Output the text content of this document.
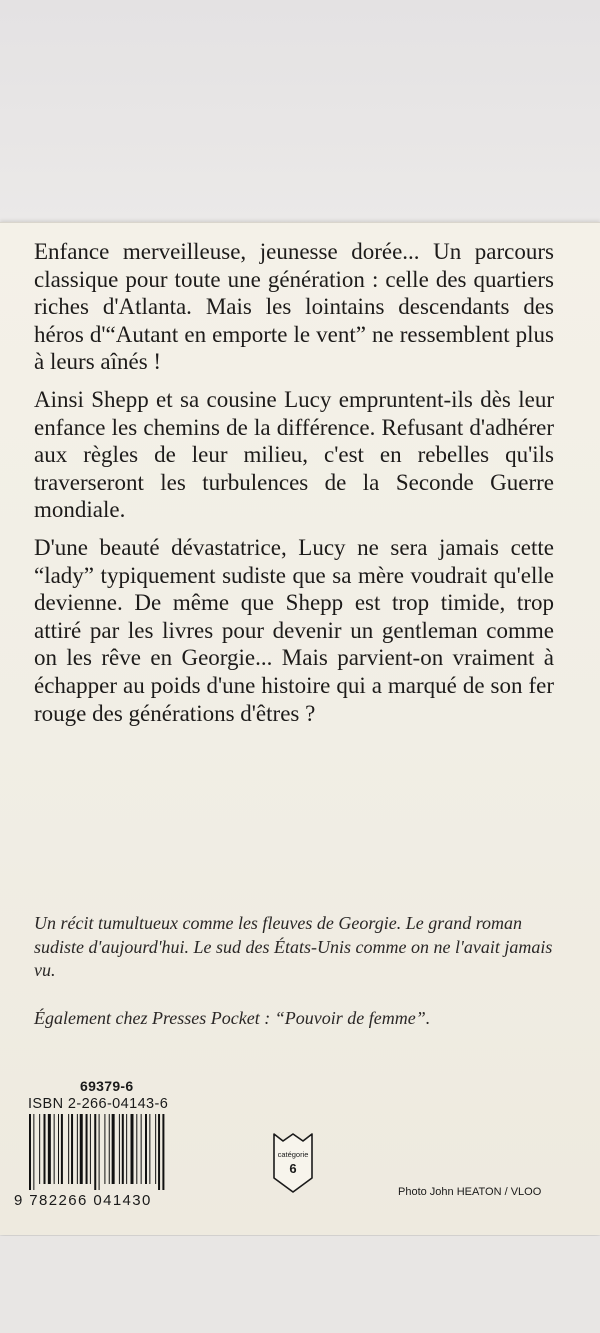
Enfance merveilleuse, jeunesse dorée... Un parcours classique pour toute une génération : celle des quartiers riches d'Atlanta. Mais les lointains descendants des héros d'“Autant en emporte le vent” ne ressemblent plus à leurs aînés !

Ainsi Shepp et sa cousine Lucy empruntent-ils dès leur enfance les chemins de la différence. Refusant d'adhérer aux règles de leur milieu, c'est en rebelles qu'ils traverseront les turbulences de la Seconde Guerre mondiale.

D'une beauté dévastatrice, Lucy ne sera jamais cette “lady” typiquement sudiste que sa mère voudrait qu'elle devienne. De même que Shepp est trop timide, trop attiré par les livres pour devenir un gentleman comme on les rêve en Georgie... Mais parvient-on vraiment à échapper au poids d'une histoire qui a marqué de son fer rouge des générations d'êtres ?

Un récit tumultueux comme les fleuves de Georgie. Le grand roman sudiste d'aujourd'hui. Le sud des États-Unis comme on ne l'avait jamais vu.

Également chez Presses Pocket : “Pouvoir de femme”.

69379-6
ISBN 2-266-04143-6
9 782266 041430
catégorie
6
Photo John HEATON / VLOO
